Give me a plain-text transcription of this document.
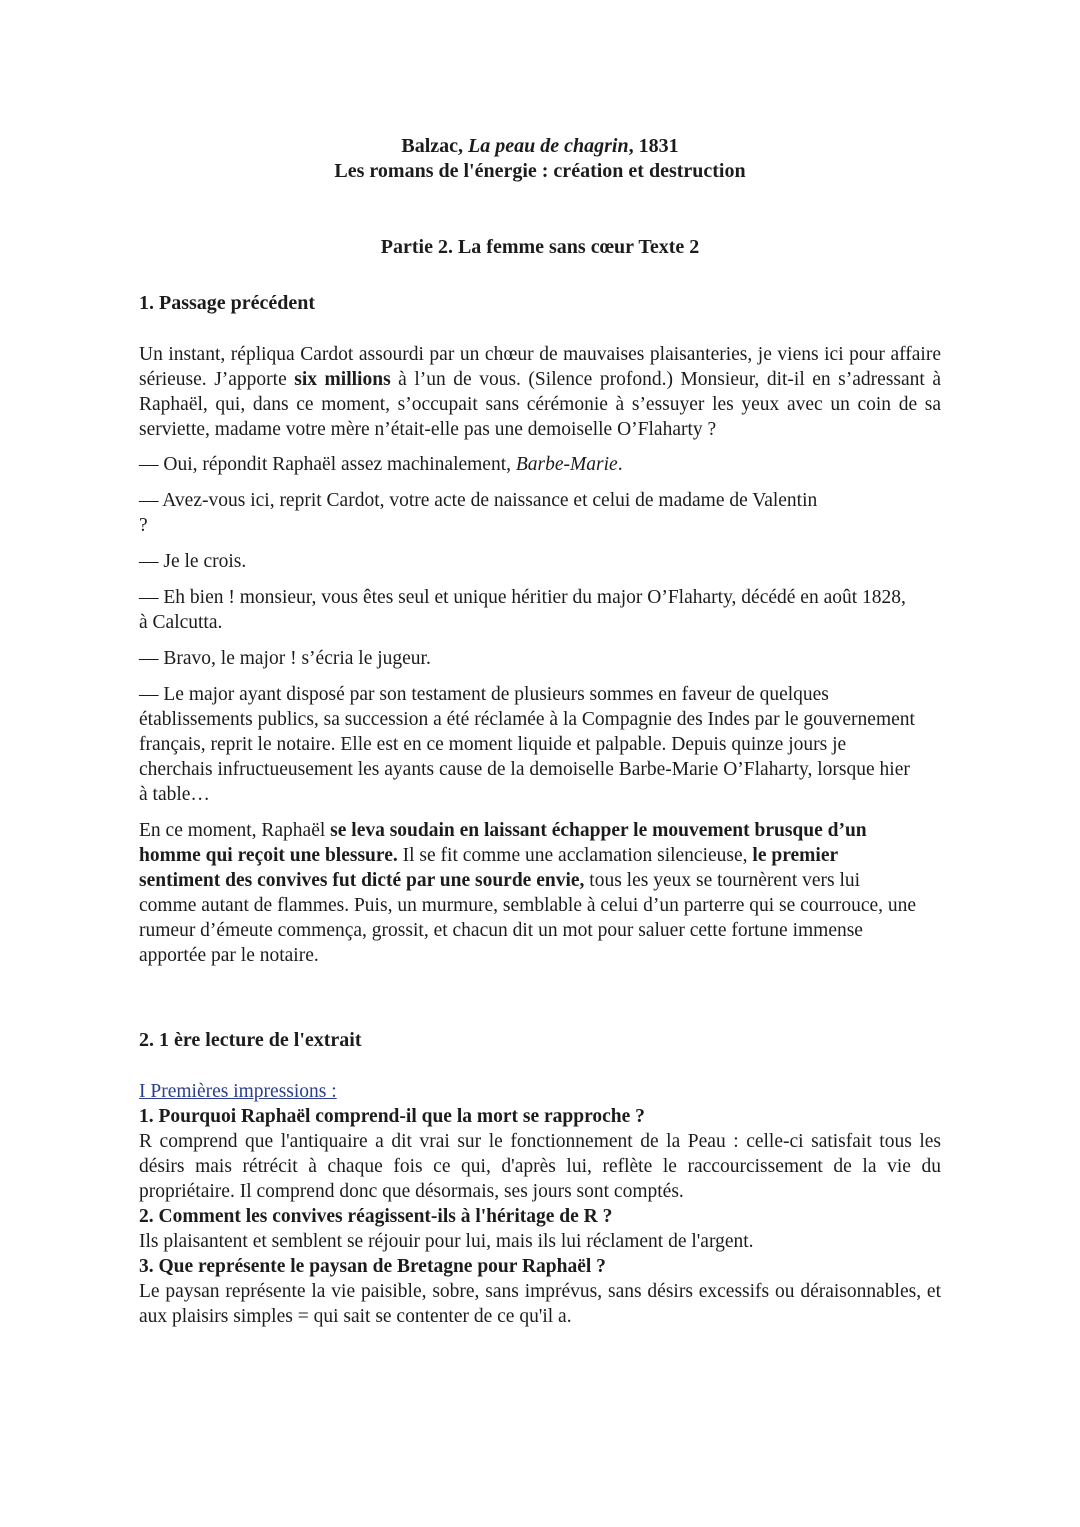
Balzac, La peau de chagrin, 1831
Les romans de l'énergie : création et destruction
Partie 2. La femme sans cœur Texte 2
1. Passage précédent

Un instant, répliqua Cardot assourdi par un chœur de mauvaises plaisanteries, je viens ici pour affaire sérieuse. J’apporte six millions à l’un de vous. (Silence profond.) Monsieur, dit-il en s’adressant à Raphaël, qui, dans ce moment, s’occupait sans cérémonie à s’essuyer les yeux avec un coin de sa serviette, madame votre mère n’était-elle pas une demoiselle O’Flaharty ?

— Oui, répondit Raphaël assez machinalement, Barbe-Marie.

— Avez-vous ici, reprit Cardot, votre acte de naissance et celui de madame de Valentin ?

— Je le crois.

— Eh bien ! monsieur, vous êtes seul et unique héritier du major O’Flaharty, décédé en août 1828, à Calcutta.

— Bravo, le major ! s’écria le jugeur.

— Le major ayant disposé par son testament de plusieurs sommes en faveur de quelques établissements publics, sa succession a été réclamée à la Compagnie des Indes par le gouvernement français, reprit le notaire. Elle est en ce moment liquide et palpable. Depuis quinze jours je cherchais infructueusement les ayants cause de la demoiselle Barbe-Marie O’Flaharty, lorsque hier à table…

En ce moment, Raphaël se leva soudain en laissant échapper le mouvement brusque d’un homme qui reçoit une blessure. Il se fit comme une acclamation silencieuse, le premier sentiment des convives fut dicté par une sourde envie, tous les yeux se tournèrent vers lui comme autant de flammes. Puis, un murmure, semblable à celui d’un parterre qui se courrouce, une rumeur d’émeute commença, grossit, et chacun dit un mot pour saluer cette fortune immense apportée par le notaire.

2. 1 ère lecture de l'extrait

I Premières impressions :

1. Pourquoi Raphaël comprend-il que la mort se rapproche ?

R comprend que l'antiquaire a dit vrai sur le fonctionnement de la Peau : celle-ci satisfait tous les désirs mais rétrécit à chaque fois ce qui, d'après lui, reflète le raccourcissement de la vie du propriétaire. Il comprend donc que désormais, ses jours sont comptés.

2. Comment les convives réagissent-ils à l'héritage de R ?

Ils plaisantent et semblent se réjouir pour lui, mais ils lui réclament de l'argent.

3. Que représente le paysan de Bretagne pour Raphaël ?

Le paysan représente la vie paisible, sobre, sans imprévus, sans désirs excessifs ou déraisonnables, et aux plaisirs simples = qui sait se contenter de ce qu'il a.
